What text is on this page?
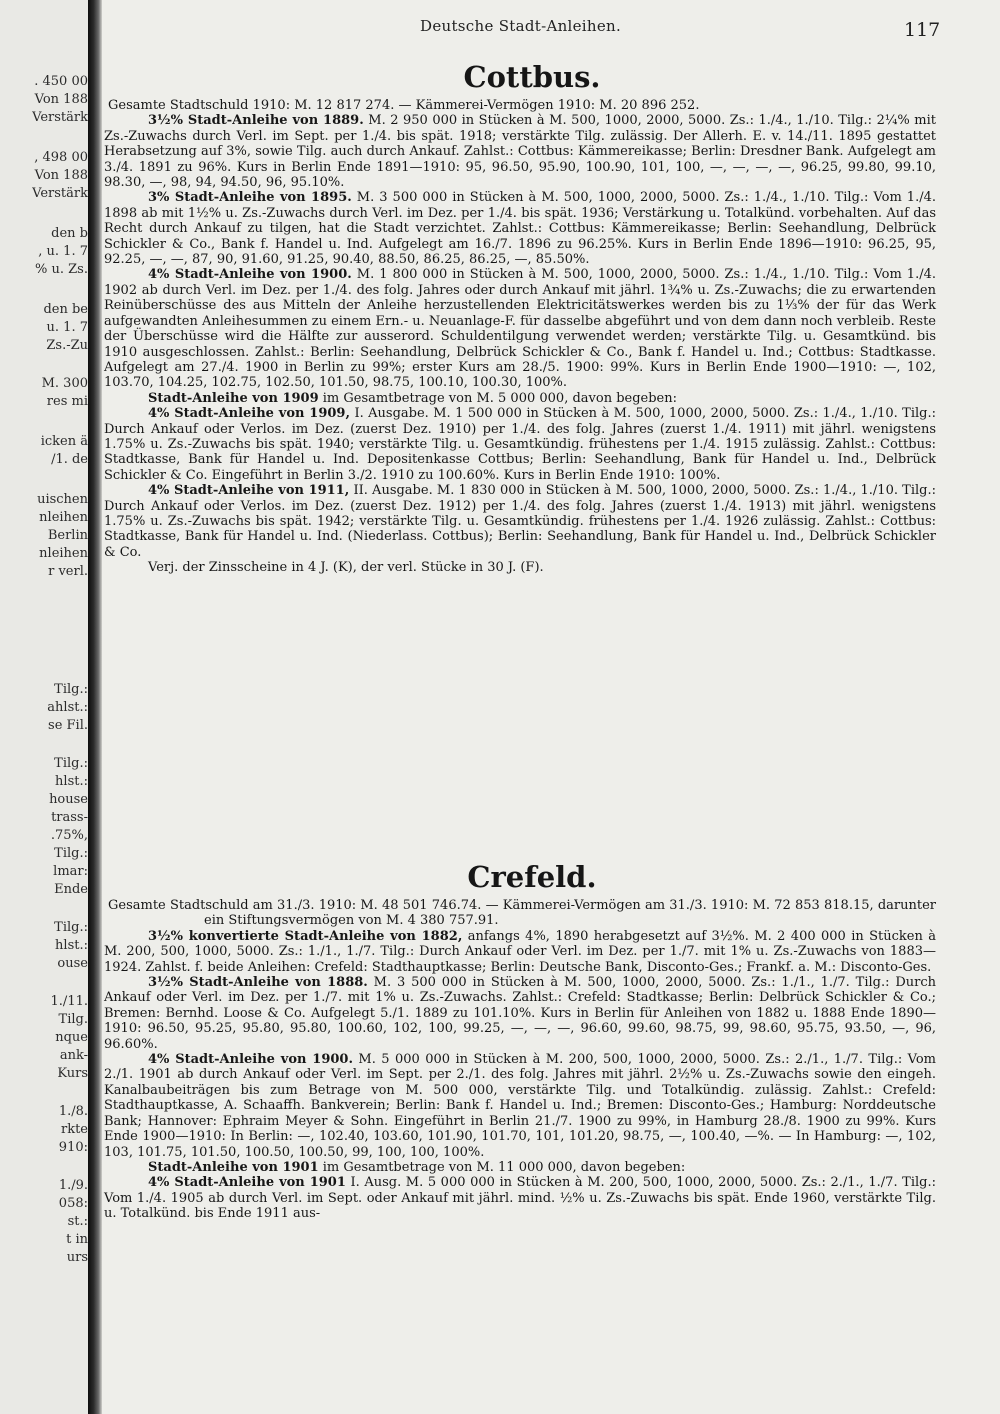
. 450 00
Von 188
Verstärk
, 498 00
Von 188
Verstärk
den b
, u. 1. 7
% u. Zs.
den be
u. 1. 7
Zs.-Zu
M. 300
res mi
icken ä
/1. de
uischen
nleihen
Berlin
nleihen
r verl.
Tilg.:
ahlst.:
se Fil.
Tilg.:
hlst.:
house
trass-
.75%,
Tilg.:
lmar:
Ende
Tilg.:
hlst.:
ouse
1./11.
Tilg.
nque
ank-
Kurs
1./8.
rkte
910:
1./9.
058:
st.:
t in
urs
Deutsche Stadt-Anleihen.	117
Cottbus.

Gesamte Stadtschuld 1910: M. 12 817 274. — Kämmerei-Vermögen 1910: M. 20 896 252.

3½% Stadt-Anleihe von 1889. M. 2 950 000 in Stücken à M. 500, 1000, 2000, 5000. Zs.: 1./4., 1./10. Tilg.: 2¼% mit Zs.-Zuwachs durch Verl. im Sept. per 1./4. bis spät. 1918; verstärkte Tilg. zulässig. Der Allerh. E. v. 14./11. 1895 gestattet Herabsetzung auf 3%, sowie Tilg. auch durch Ankauf. Zahlst.: Cottbus: Kämmereikasse; Berlin: Dresdner Bank. Aufgelegt am 3./4. 1891 zu 96%. Kurs in Berlin Ende 1891—1910: 95, 96.50, 95.90, 100.90, 101, 100, —, —, —, —, 96.25, 99.80, 99.10, 98.30, —, 98, 94, 94.50, 96, 95.10%.

3% Stadt-Anleihe von 1895. M. 3 500 000 in Stücken à M. 500, 1000, 2000, 5000. Zs.: 1./4., 1./10. Tilg.: Vom 1./4. 1898 ab mit 1½% u. Zs.-Zuwachs durch Verl. im Dez. per 1./4. bis spät. 1936; Verstärkung u. Totalkünd. vorbehalten. Auf das Recht durch Ankauf zu tilgen, hat die Stadt verzichtet. Zahlst.: Cottbus: Kämmereikasse; Berlin: Seehandlung, Delbrück Schickler & Co., Bank f. Handel u. Ind. Aufgelegt am 16./7. 1896 zu 96.25%. Kurs in Berlin Ende 1896—1910: 96.25, 95, 92.25, —, —, 87, 90, 91.60, 91.25, 90.40, 88.50, 86.25, 86.25, —, 85.50%.

4% Stadt-Anleihe von 1900. M. 1 800 000 in Stücken à M. 500, 1000, 2000, 5000. Zs.: 1./4., 1./10. Tilg.: Vom 1./4. 1902 ab durch Verl. im Dez. per 1./4. des folg. Jahres oder durch Ankauf mit jährl. 1¾% u. Zs.-Zuwachs; die zu erwartenden Reinüberschüsse des aus Mitteln der Anleihe herzustellenden Elektricitätswerkes werden bis zu 1⅓% der für das Werk aufgewandten Anleihesummen zu einem Ern.- u. Neuanlage-F. für dasselbe abgeführt und von dem dann noch verbleib. Reste der Überschüsse wird die Hälfte zur ausserord. Schuldentilgung verwendet werden; verstärkte Tilg. u. Gesamtkünd. bis 1910 ausgeschlossen. Zahlst.: Berlin: Seehandlung, Delbrück Schickler & Co., Bank f. Handel u. Ind.; Cottbus: Stadtkasse. Aufgelegt am 27./4. 1900 in Berlin zu 99%; erster Kurs am 28./5. 1900: 99%. Kurs in Berlin Ende 1900—1910: —, 102, 103.70, 104.25, 102.75, 102.50, 101.50, 98.75, 100.10, 100.30, 100%.

Stadt-Anleihe von 1909 im Gesamtbetrage von M. 5 000 000, davon begeben:

4% Stadt-Anleihe von 1909, I. Ausgabe. M. 1 500 000 in Stücken à M. 500, 1000, 2000, 5000. Zs.: 1./4., 1./10. Tilg.: Durch Ankauf oder Verlos. im Dez. (zuerst Dez. 1910) per 1./4. des folg. Jahres (zuerst 1./4. 1911) mit jährl. wenigstens 1.75% u. Zs.-Zuwachs bis spät. 1940; verstärkte Tilg. u. Gesamtkündig. frühestens per 1./4. 1915 zulässig. Zahlst.: Cottbus: Stadtkasse, Bank für Handel u. Ind. Depositenkasse Cottbus; Berlin: Seehandlung, Bank für Handel u. Ind., Delbrück Schickler & Co. Eingeführt in Berlin 3./2. 1910 zu 100.60%. Kurs in Berlin Ende 1910: 100%.

4% Stadt-Anleihe von 1911, II. Ausgabe. M. 1 830 000 in Stücken à M. 500, 1000, 2000, 5000. Zs.: 1./4., 1./10. Tilg.: Durch Ankauf oder Verlos. im Dez. (zuerst Dez. 1912) per 1./4. des folg. Jahres (zuerst 1./4. 1913) mit jährl. wenigstens 1.75% u. Zs.-Zuwachs bis spät. 1942; verstärkte Tilg. u. Gesamtkündig. frühestens per 1./4. 1926 zulässig. Zahlst.: Cottbus: Stadtkasse, Bank für Handel u. Ind. (Niederlass. Cottbus); Berlin: Seehandlung, Bank für Handel u. Ind., Delbrück Schickler & Co.

Verj. der Zinsscheine in 4 J. (K), der verl. Stücke in 30 J. (F).

Crefeld.

Gesamte Stadtschuld am 31./3. 1910: M. 48 501 746.74. — Kämmerei-Vermögen am 31./3. 1910: M. 72 853 818.15, darunter ein Stiftungsvermögen von M. 4 380 757.91.

3½% konvertierte Stadt-Anleihe von 1882, anfangs 4%, 1890 herabgesetzt auf 3½%. M. 2 400 000 in Stücken à M. 200, 500, 1000, 5000. Zs.: 1./1., 1./7. Tilg.: Durch Ankauf oder Verl. im Dez. per 1./7. mit 1% u. Zs.-Zuwachs von 1883—1924. Zahlst. f. beide Anleihen: Crefeld: Stadthauptkasse; Berlin: Deutsche Bank, Disconto-Ges.; Frankf. a. M.: Disconto-Ges.

3½% Stadt-Anleihe von 1888. M. 3 500 000 in Stücken à M. 500, 1000, 2000, 5000. Zs.: 1./1., 1./7. Tilg.: Durch Ankauf oder Verl. im Dez. per 1./7. mit 1% u. Zs.-Zuwachs. Zahlst.: Crefeld: Stadtkasse; Berlin: Delbrück Schickler & Co.; Bremen: Bernhd. Loose & Co. Aufgelegt 5./1. 1889 zu 101.10%. Kurs in Berlin für Anleihen von 1882 u. 1888 Ende 1890—1910: 96.50, 95.25, 95.80, 95.80, 100.60, 102, 100, 99.25, —, —, —, 96.60, 99.60, 98.75, 99, 98.60, 95.75, 93.50, —, 96, 96.60%.

4% Stadt-Anleihe von 1900. M. 5 000 000 in Stücken à M. 200, 500, 1000, 2000, 5000. Zs.: 2./1., 1./7. Tilg.: Vom 2./1. 1901 ab durch Ankauf oder Verl. im Sept. per 2./1. des folg. Jahres mit jährl. 2½% u. Zs.-Zuwachs sowie den eingeh. Kanalbaubeiträgen bis zum Betrage von M. 500 000, verstärkte Tilg. und Totalkündig. zulässig. Zahlst.: Crefeld: Stadthauptkasse, A. Schaaffh. Bankverein; Berlin: Bank f. Handel u. Ind.; Bremen: Disconto-Ges.; Hamburg: Norddeutsche Bank; Hannover: Ephraim Meyer & Sohn. Eingeführt in Berlin 21./7. 1900 zu 99%, in Hamburg 28./8. 1900 zu 99%. Kurs Ende 1900—1910: In Berlin: —, 102.40, 103.60, 101.90, 101.70, 101, 101.20, 98.75, —, 100.40, —%. — In Hamburg: —, 102, 103, 101.75, 101.50, 100.50, 100.50, 99, 100, 100, 100%.

Stadt-Anleihe von 1901 im Gesamtbetrage von M. 11 000 000, davon begeben:

4% Stadt-Anleihe von 1901 I. Ausg. M. 5 000 000 in Stücken à M. 200, 500, 1000, 2000, 5000. Zs.: 2./1., 1./7. Tilg.: Vom 1./4. 1905 ab durch Verl. im Sept. oder Ankauf mit jährl. mind. ½% u. Zs.-Zuwachs bis spät. Ende 1960, verstärkte Tilg. u. Totalkünd. bis Ende 1911 aus-
